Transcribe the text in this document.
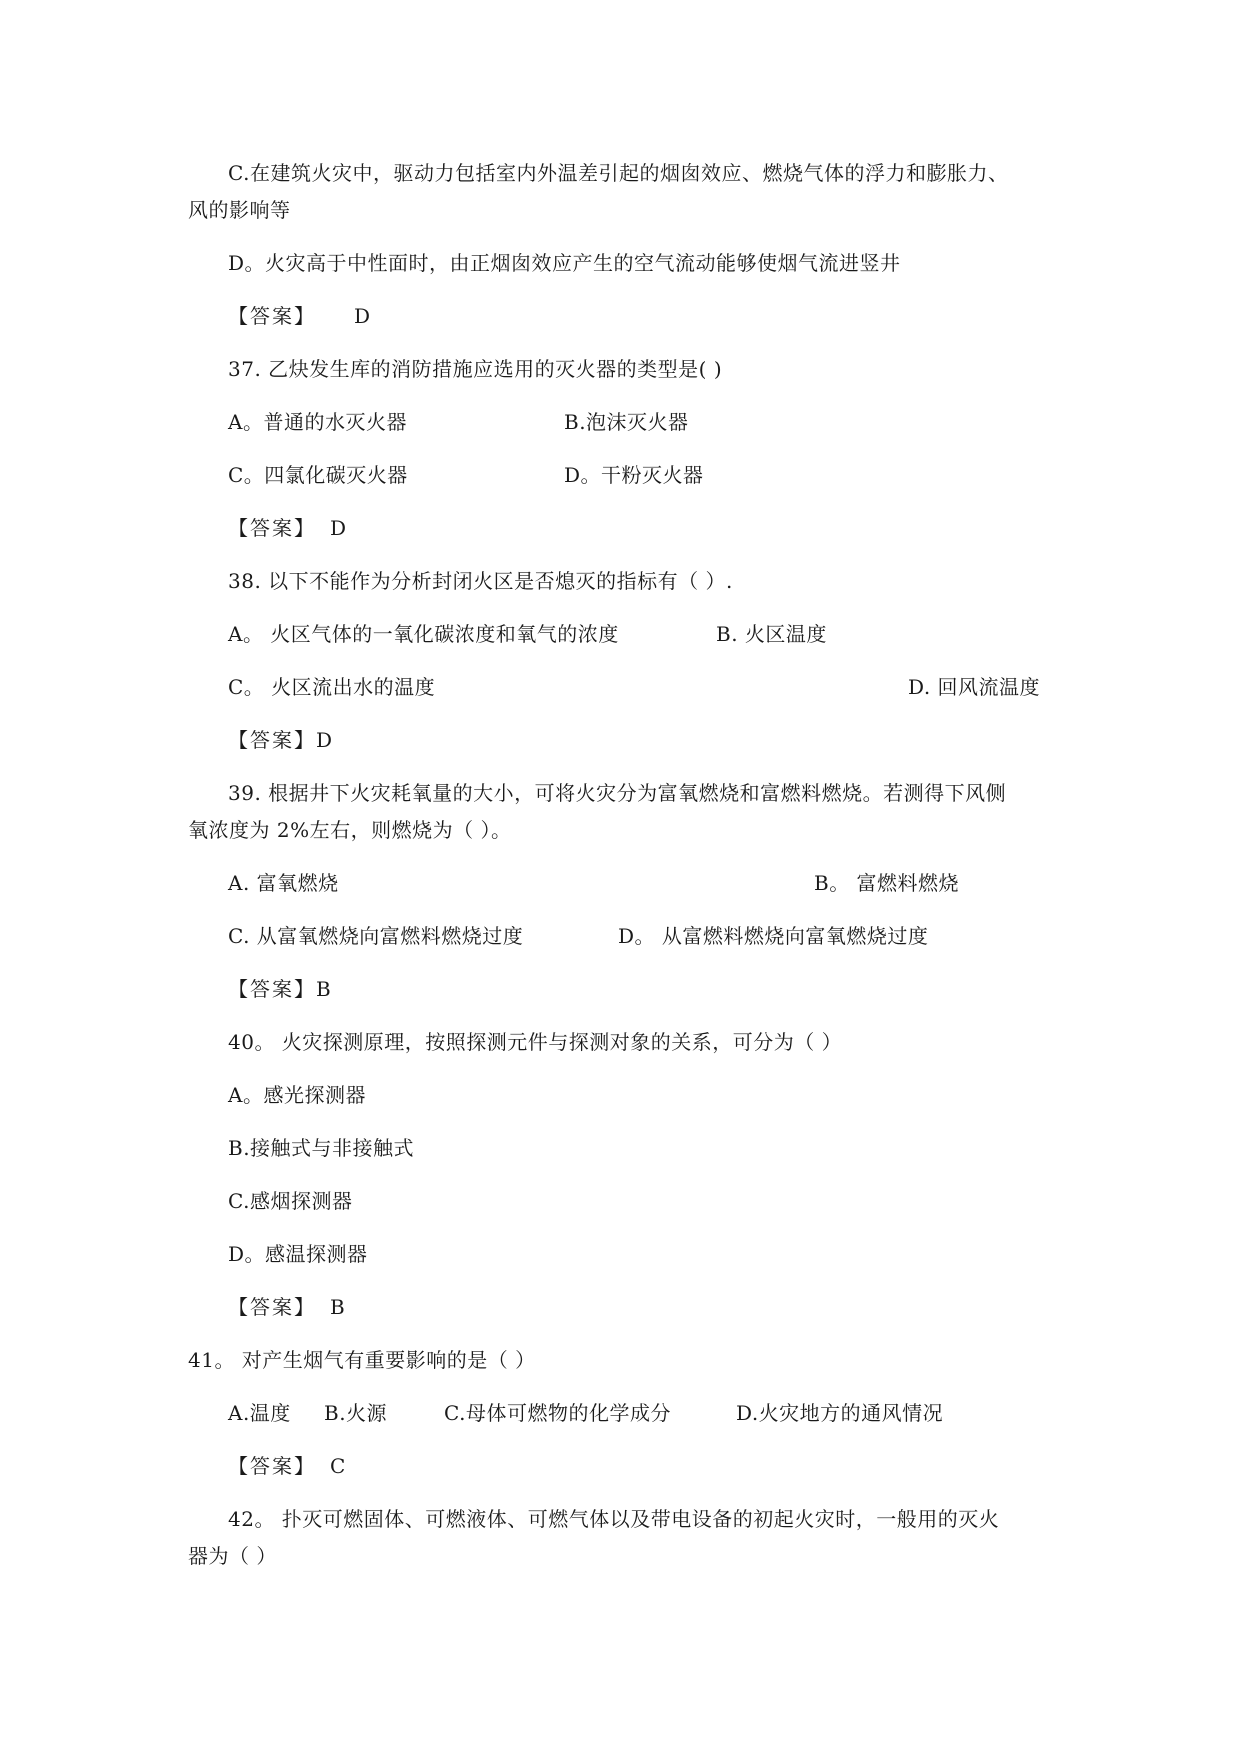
C.在建筑火灾中，驱动力包括室内外温差引起的烟囱效应、燃烧气体的浮力和膨胀力、
风的影响等
D。火灾高于中性面时，由正烟囱效应产生的空气流动能够使烟气流进竖井
【答案】 D
37. 乙炔发生库的消防措施应选用的灭火器的类型是( )
A。普通的水灭火器	B.泡沫灭火器
C。四氯化碳灭火器	D。干粉灭火器
【答案】 D
38. 以下不能作为分析封闭火区是否熄灭的指标有（ ）.
A。 火区气体的一氧化碳浓度和氧气的浓度	B. 火区温度
C。 火区流出水的温度	D. 回风流温度
【答案】D
39. 根据井下火灾耗氧量的大小，可将火灾分为富氧燃烧和富燃料燃烧。若测得下风侧
氧浓度为 2%左右，则燃烧为（ ）。
A. 富氧燃烧	B。 富燃料燃烧
C. 从富氧燃烧向富燃料燃烧过度	D。 从富燃料燃烧向富氧燃烧过度
【答案】B
40。 火灾探测原理，按照探测元件与探测对象的关系，可分为（ ）
A。感光探测器
B.接触式与非接触式
C.感烟探测器
D。感温探测器
【答案】 B
41。 对产生烟气有重要影响的是（ ）
A.温度 B.火源	C.母体可燃物的化学成分	D.火灾地方的通风情况
【答案】 C
42。 扑灭可燃固体、可燃液体、可燃气体以及带电设备的初起火灾时，一般用的灭火
器为（ ）
